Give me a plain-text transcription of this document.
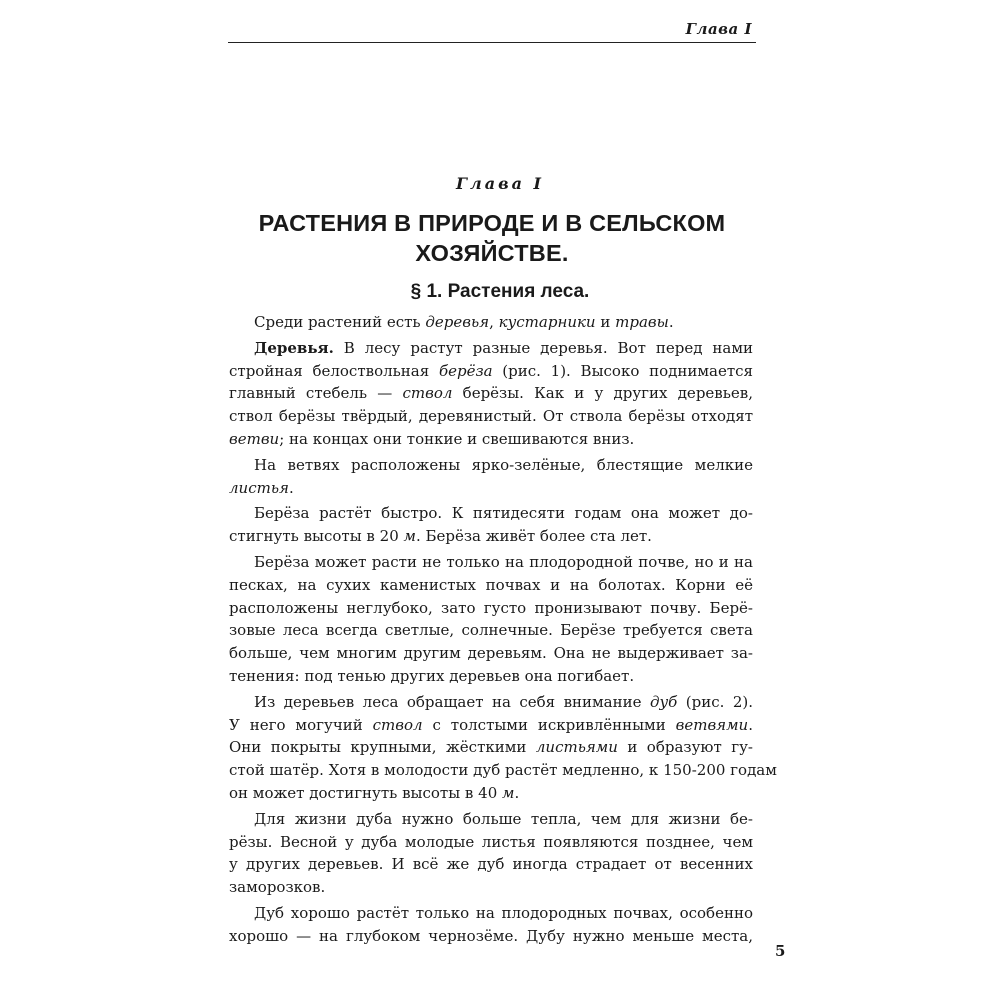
Глава I
Глава I
РАСТЕНИЯ В ПРИРОДЕ И В СЕЛЬСКОМ
ХОЗЯЙСТВЕ.
§ 1. Растения леса.
Среди растений есть деревья, кустарники и травы.
Деревья. В лесу растут разные деревья. Вот перед нами
стройная белоствольная берёза (рис. 1). Высоко поднимается
главный стебель — ствол берёзы. Как и у других деревьев,
ствол берёзы твёрдый, деревянистый. От ствола берёзы отходят
ветви; на концах они тонкие и свешиваются вниз.
На ветвях расположены ярко-зелёные, блестящие мелкие
листья.
Берёза растёт быстро. К пятидесяти годам она может до-
стигнуть высоты в 20 м. Берёза живёт более ста лет.
Берёза может расти не только на плодородной почве, но и на
песках, на сухих каменистых почвах и на болотах. Корни её
расположены неглубоко, зато густо пронизывают почву. Берё-
зовые леса всегда светлые, солнечные. Берёзе требуется света
больше, чем многим другим деревьям. Она не выдерживает за-
тенения: под тенью других деревьев она погибает.
Из деревьев леса обращает на себя внимание дуб (рис. 2).
У него могучий ствол с толстыми искривлёнными ветвями.
Они покрыты крупными, жёсткими листьями и образуют гу-
стой шатёр. Хотя в молодости дуб растёт медленно, к 150-200 годам
он может достигнуть высоты в 40 м.
Для жизни дуба нужно больше тепла, чем для жизни бе-
рёзы. Весной у дуба молодые листья появляются позднее, чем
у других деревьев. И всё же дуб иногда страдает от весенних
заморозков.
Дуб хорошо растёт только на плодородных почвах, особенно
хорошо — на глубоком чернозёме. Дубу нужно меньше места,
5
